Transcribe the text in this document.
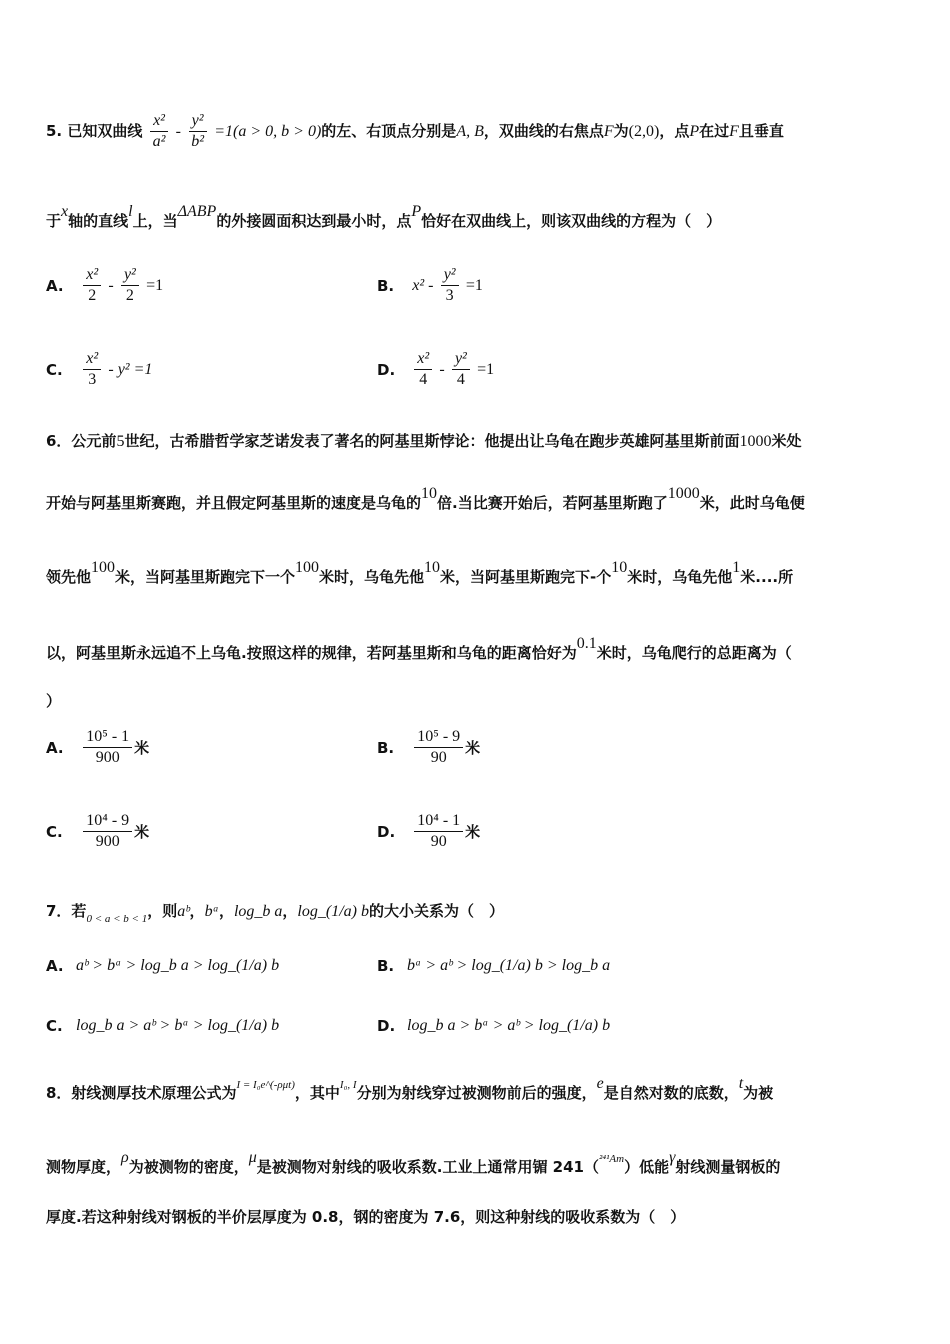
5. 已知双曲线 $\frac{\text{x²}}{\text{a²}} - \frac{\text{y²}}{\text{b²}} =1(a > 0$, b > 0)的左、右顶点分别是A, B，双曲线的右焦点F为(2,0)，点P在过F且垂直
于x轴的直线l上，当ΔABP的外接圆面积达到最小时，点P恰好在双曲线上，则该双曲线的方程为（　）
A. $\frac{\text{x²}}{2} - \frac{\text{y²}}{2} =1$	B. $x^2 - \frac{\text{y²}}{3} =1$
C. $\frac{\text{x²}}{3} - y^2 =1$	D. $\frac{\text{x²}}{4} - \frac{\text{y²}}{4} =1$
6．公元前5世纪，古希腊哲学家芝诺发表了著名的阿基里斯悖论：他提出让乌龟在跑步英雄阿基里斯前面1000米处
开始与阿基里斯赛跑，并且假定阿基里斯的速度是乌龟的10倍.当比赛开始后，若阿基里斯跑了1000米，此时乌龟便
领先他100米，当阿基里斯跑完下一个100米时，乌龟先他10米，当阿基里斯跑完下-个10米时，乌龟先他1米....所
以，阿基里斯永远追不上乌龟.按照这样的规律，若阿基里斯和乌龟的距离恰好为0.1米时，乌龟爬行的总距离为（
）
A. $\frac{\text{10⁵ - 1}}{900}$ 米	B. $\frac{\text{10⁵ - 9}}{90}$ 米
C. $\frac{\text{10⁴ - 9}}{900}$ 米	D. $\frac{\text{10⁴ - 1}}{90}$ 米
7．若$_{0 < a < b < 1}$，则aᵇ，bᵃ，log_b a，log_(1/a) b的大小关系为（　）
A. aᵇ > bᵃ > log_b a > log_(1/a) b	B. bᵃ > aᵇ > log_(1/a) b > log_b a
C. log_b a > aᵇ > bᵃ > log_(1/a) b	D. log_b a > bᵃ > aᵇ > log_(1/a) b
8．射线测厚技术原理公式为$^{I = I_0e\^{}(-\rho\mu t)}$，其中$^{I_0, I}$分别为射线穿过被测物前后的强度，e是自然对数的底数，t为被
测物厚度，ρ为被测物的密度，μ是被测物对射线的吸收系数.工业上通常用镅 241（$^{^{241}Am}$）低能γ射线测量钢板的
厚度.若这种射线对钢板的半价层厚度为 0.8，钢的密度为 7.6，则这种射线的吸收系数为（　）
